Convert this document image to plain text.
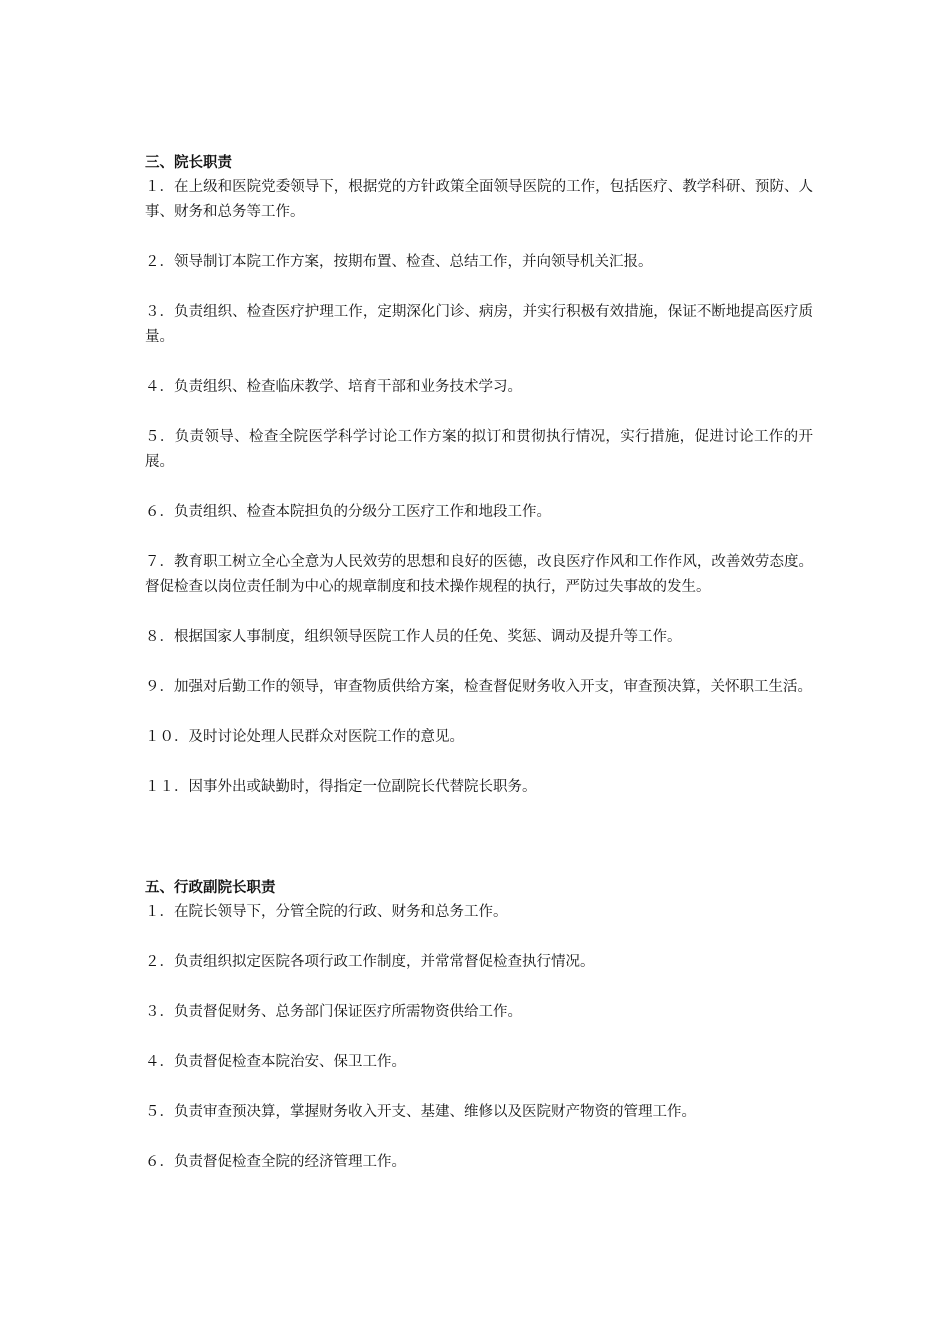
三、院长职责

１．在上级和医院党委领导下，根据党的方针政策全面领导医院的工作，包括医疗、教学科研、预防、人事、财务和总务等工作。

２．领导制订本院工作方案，按期布置、检查、总结工作，并向领导机关汇报。

３．负责组织、检查医疗护理工作，定期深化门诊、病房，并实行积极有效措施，保证不断地提高医疗质量。

４．负责组织、检查临床教学、培育干部和业务技术学习。

５．负责领导、检查全院医学科学讨论工作方案的拟订和贯彻执行情况，实行措施，促进讨论工作的开展。

６．负责组织、检查本院担负的分级分工医疗工作和地段工作。

７．教育职工树立全心全意为人民效劳的思想和良好的医德，改良医疗作风和工作作风，改善效劳态度。督促检查以岗位责任制为中心的规章制度和技术操作规程的执行，严防过失事故的发生。

８．根据国家人事制度，组织领导医院工作人员的任免、奖惩、调动及提升等工作。

９．加强对后勤工作的领导，审查物质供给方案，检查督促财务收入开支，审查预决算，关怀职工生活。

１０．及时讨论处理人民群众对医院工作的意见。

１１．因事外出或缺勤时，得指定一位副院长代替院长职务。

五、行政副院长职责

１．在院长领导下，分管全院的行政、财务和总务工作。

２．负责组织拟定医院各项行政工作制度，并常常督促检查执行情况。

３．负责督促财务、总务部门保证医疗所需物资供给工作。

４．负责督促检查本院治安、保卫工作。

５．负责审查预决算，掌握财务收入开支、基建、维修以及医院财产物资的管理工作。

６．负责督促检查全院的经济管理工作。
